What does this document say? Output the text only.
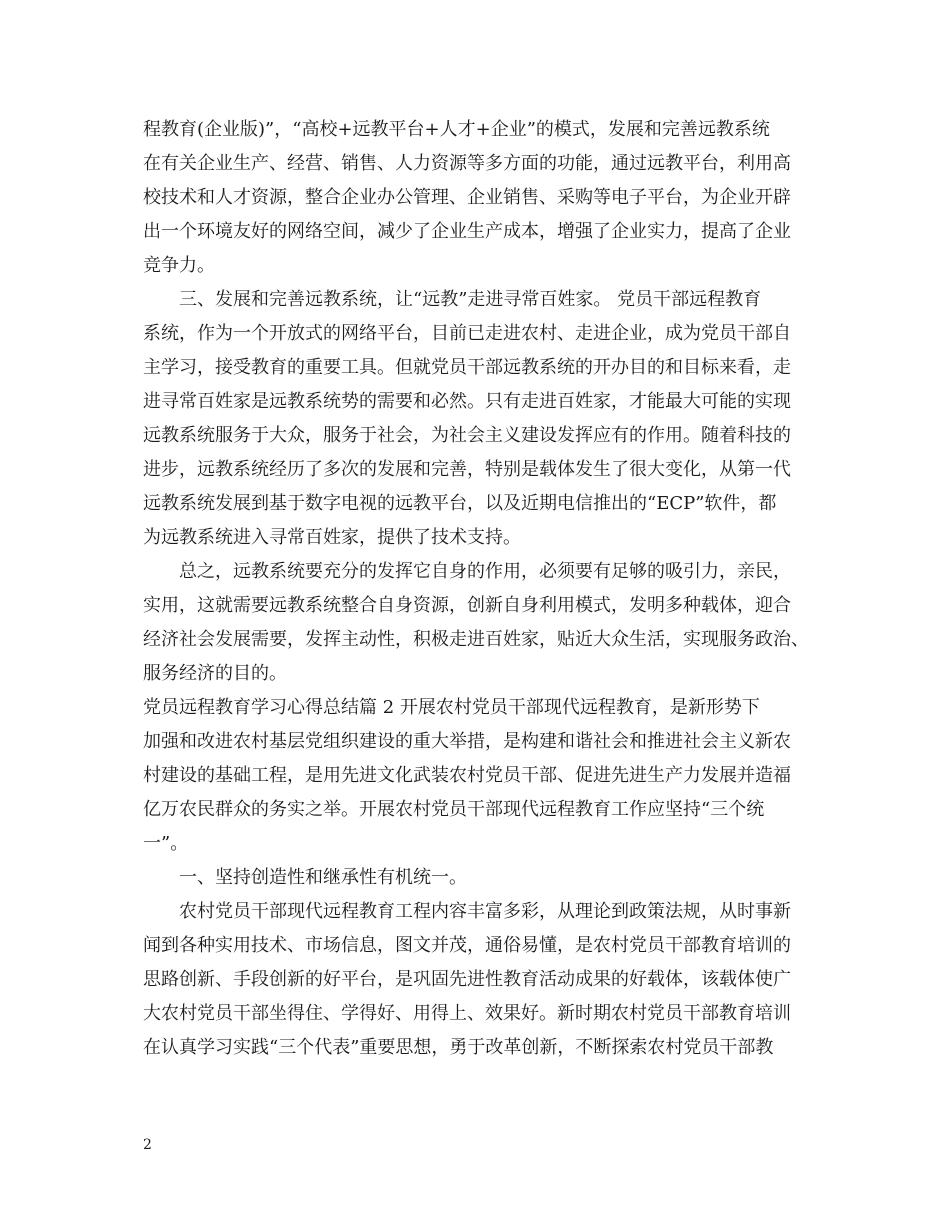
程教育(企业版)”，“高校+远教平台+人才+企业”的模式，发展和完善远教系统
在有关企业生产、经营、销售、人力资源等多方面的功能，通过远教平台，利用高
校技术和人才资源，整合企业办公管理、企业销售、采购等电子平台，为企业开辟
出一个环境友好的网络空间，减少了企业生产成本，增强了企业实力，提高了企业
竞争力。
三、发展和完善远教系统，让“远教”走进寻常百姓家。 党员干部远程教育
系统，作为一个开放式的网络平台，目前已走进农村、走进企业，成为党员干部自
主学习，接受教育的重要工具。但就党员干部远教系统的开办目的和目标来看，走
进寻常百姓家是远教系统势的需要和必然。只有走进百姓家，才能最大可能的实现
远教系统服务于大众，服务于社会，为社会主义建设发挥应有的作用。随着科技的
进步，远教系统经历了多次的发展和完善，特别是载体发生了很大变化，从第一代
远教系统发展到基于数字电视的远教平台，以及近期电信推出的“ECP”软件，都
为远教系统进入寻常百姓家，提供了技术支持。
总之，远教系统要充分的发挥它自身的作用，必须要有足够的吸引力，亲民，
实用，这就需要远教系统整合自身资源，创新自身利用模式，发明多种载体，迎合
经济社会发展需要，发挥主动性，积极走进百姓家，贴近大众生活，实现服务政治、
服务经济的目的。
党员远程教育学习心得总结篇 2 开展农村党员干部现代远程教育，是新形势下
加强和改进农村基层党组织建设的重大举措，是构建和谐社会和推进社会主义新农
村建设的基础工程，是用先进文化武装农村党员干部、促进先进生产力发展并造福
亿万农民群众的务实之举。开展农村党员干部现代远程教育工作应坚持“三个统
一”。
一、坚持创造性和继承性有机统一。
农村党员干部现代远程教育工程内容丰富多彩，从理论到政策法规，从时事新
闻到各种实用技术、市场信息，图文并茂，通俗易懂，是农村党员干部教育培训的
思路创新、手段创新的好平台，是巩固先进性教育活动成果的好载体，该载体使广
大农村党员干部坐得住、学得好、用得上、效果好。新时期农村党员干部教育培训
在认真学习实践“三个代表”重要思想，勇于改革创新，不断探索农村党员干部教
2
